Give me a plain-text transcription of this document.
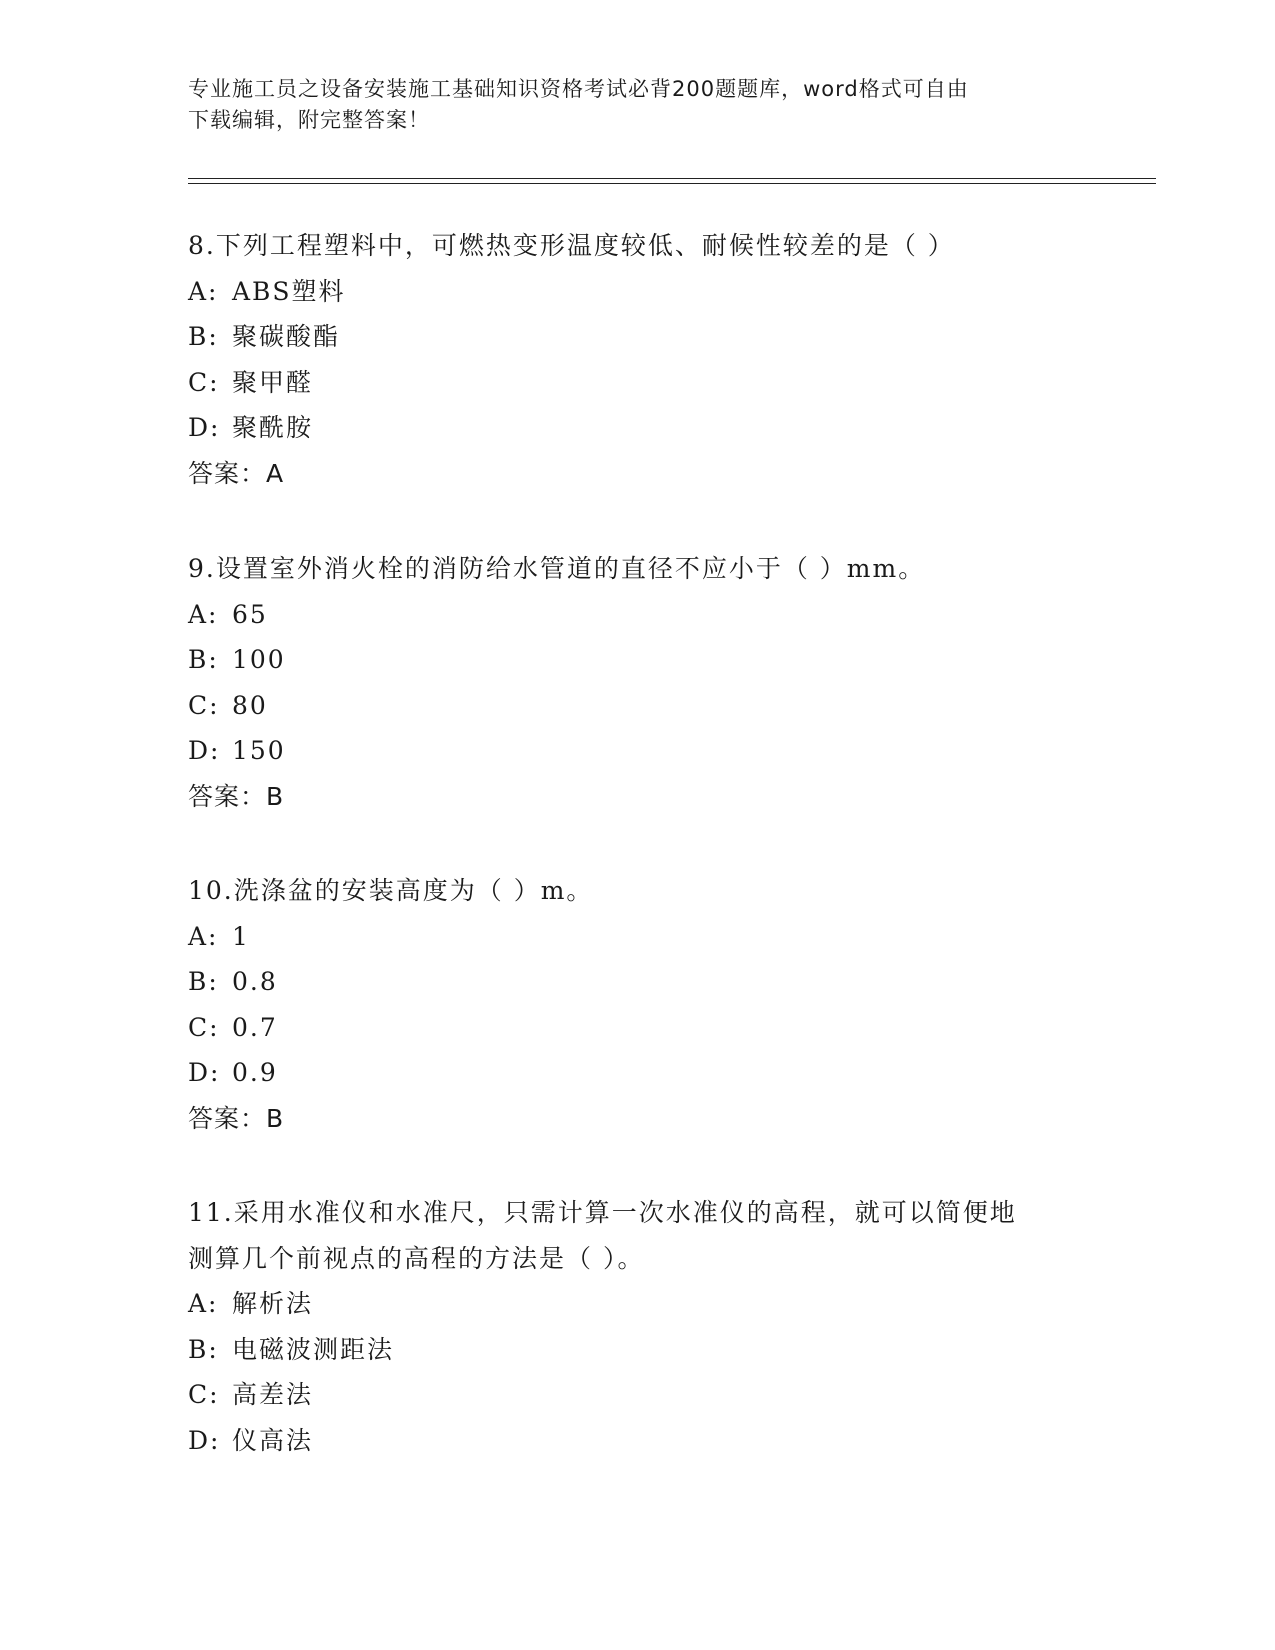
专业施工员之设备安装施工基础知识资格考试必背200题题库，word格式可自由
下载编辑，附完整答案！
8.下列工程塑料中，可燃热变形温度较低、耐候性较差的是（ ）
A: ABS塑料
B: 聚碳酸酯
C: 聚甲醛
D: 聚酰胺
答案：A
9.设置室外消火栓的消防给水管道的直径不应小于（ ）mm。
A: 65
B: 100
C: 80
D: 150
答案：B
10.洗涤盆的安装高度为（ ）m。
A: 1
B: 0.8
C: 0.7
D: 0.9
答案：B
11.采用水准仪和水准尺，只需计算一次水准仪的高程，就可以简便地
测算几个前视点的高程的方法是（ ）。
A: 解析法
B: 电磁波测距法
C: 高差法
D: 仪高法
